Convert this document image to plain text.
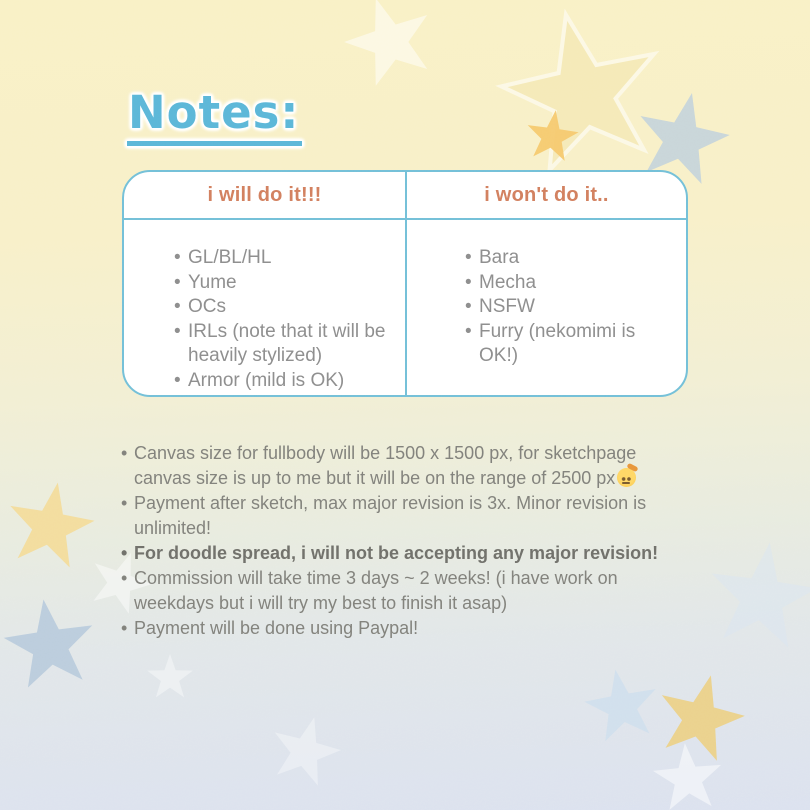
Notes:
i will do it!!!
• GL/BL/HL
• Yume
• OCs
• IRLs (note that it will be heavily stylized)
• Armor (mild is OK)
i won't do it..
• Bara
• Mecha
• NSFW
• Furry (nekomimi is OK!)
• Canvas size for fullbody will be 1500 x 1500 px, for sketchpage canvas size is up to me but it will be on the range of 2500 px
• Payment after sketch, max major revision is 3x. Minor revision is unlimited!
• For doodle spread, i will not be accepting any major revision!
• Commission will take time 3 days ~ 2 weeks! (i have work on weekdays but i will try my best to finish it asap)
• Payment will be done using Paypal!
